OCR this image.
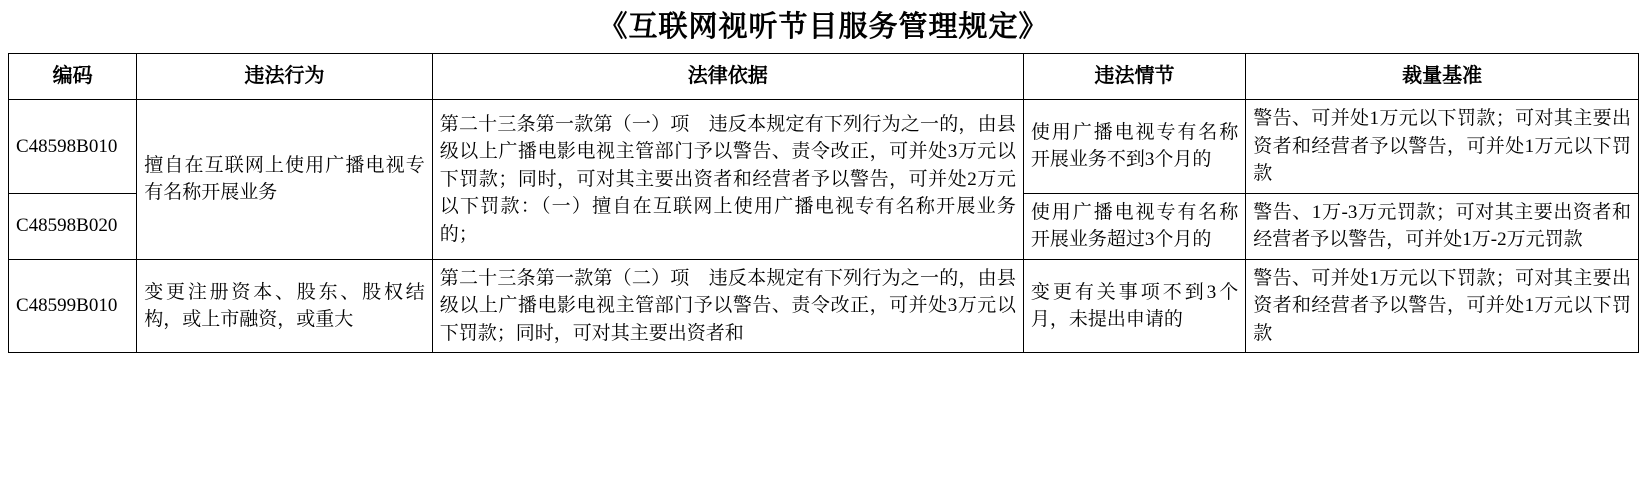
《互联网视听节目服务管理规定》
编码	违法行为	法律依据	违法情节	裁量基准
C48598B010	擅自在互联网上使用广播电视专有名称开展业务	第二十三条第一款第（一）项　违反本规定有下列行为之一的，由县级以上广播电影电视主管部门予以警告、责令改正，可并处3万元以下罚款；同时，可对其主要出资者和经营者予以警告，可并处2万元以下罚款：（一）擅自在互联网上使用广播电视专有名称开展业务的；	使用广播电视专有名称开展业务不到3个月的	警告、可并处1万元以下罚款；可对其主要出资者和经营者予以警告，可并处1万元以下罚款
C48598B020			使用广播电视专有名称开展业务超过3个月的	警告、1万-3万元罚款；可对其主要出资者和经营者予以警告，可并处1万-2万元罚款
C48599B010	变更注册资本、股东、股权结构，或上市融资，或重大	第二十三条第一款第（二）项　违反本规定有下列行为之一的，由县级以上广播电影电视主管部门予以警告、责令改正，可并处3万元以下罚款；同时，可对其主要出资者和	变更有关事项不到3个月，未提出申请的	警告、可并处1万元以下罚款；可对其主要出资者和经营者予以警告，可并处1万元以下罚款
